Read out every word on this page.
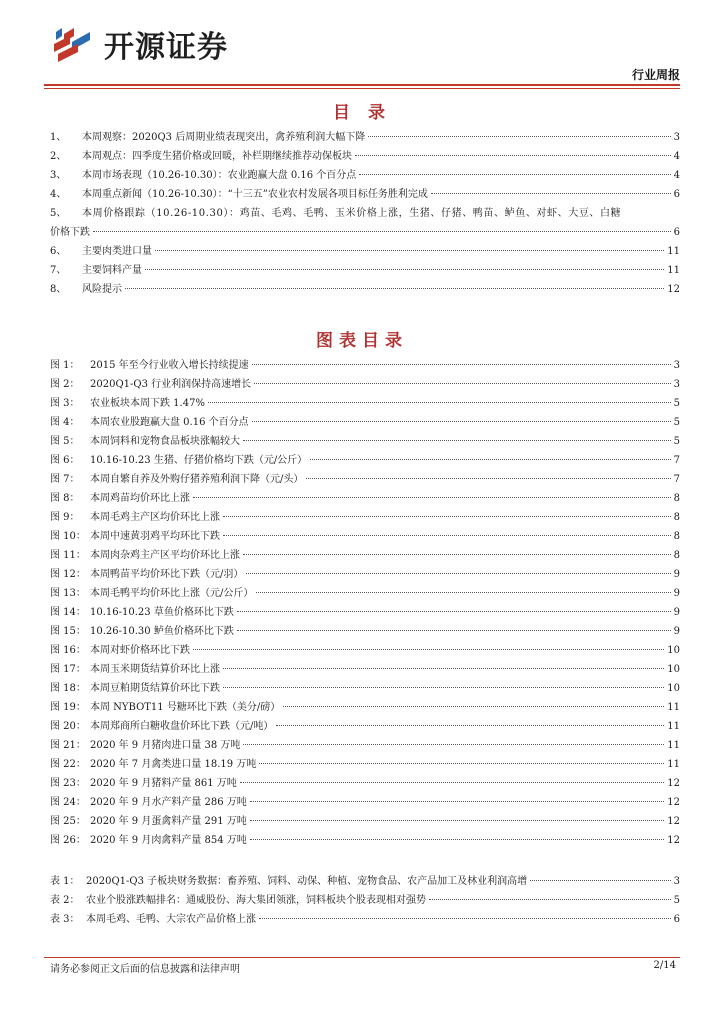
开源证券
行业周报
目 录
1、	本周观察：2020Q3 后周期业绩表现突出，禽养殖利润大幅下降	3
2、	本周观点：四季度生猪价格或回暖，补栏期继续推荐动保板块	4
3、	本周市场表现（10.26-10.30）：农业跑赢大盘 0.16 个百分点	4
4、	本周重点新闻（10.26-10.30）：“十三五”农业农村发展各项目标任务胜利完成	6
5、	本周价格跟踪（10.26-10.30）：鸡苗、毛鸡、毛鸭、玉米价格上涨，生猪、仔猪、鸭苗、鲈鱼、对虾、大豆、白糖
价格下跌	6
6、	主要肉类进口量	11
7、	主要饲料产量	11
8、	风险提示	12
图表目录
图 1：	2015 年至今行业收入增长持续提速	3
图 2：	2020Q1-Q3 行业利润保持高速增长	3
图 3：	农业板块本周下跌 1.47%	5
图 4：	本周农业股跑赢大盘 0.16 个百分点	5
图 5：	本周饲料和宠物食品板块涨幅较大	5
图 6：	10.16-10.23 生猪、仔猪价格均下跌（元/公斤）	7
图 7：	本周自繁自养及外购仔猪养殖利润下降（元/头）	7
图 8：	本周鸡苗均价环比上涨	8
图 9：	本周毛鸡主产区均价环比上涨	8
图 10： 本周中速黄羽鸡平均环比下跌	8
图 11： 本周肉杂鸡主产区平均价环比上涨	8
图 12： 本周鸭苗平均价环比下跌（元/羽）	9
图 13： 本周毛鸭平均价环比上涨（元/公斤）	9
图 14： 10.16-10.23 草鱼价格环比下跌	9
图 15： 10.26-10.30 鲈鱼价格环比下跌	9
图 16： 本周对虾价格环比下跌	10
图 17： 本周玉米期货结算价环比上涨	10
图 18： 本周豆粕期货结算价环比下跌	10
图 19： 本周 NYBOT11 号糖环比下跌（美分/磅）	11
图 20： 本周郑商所白糖收盘价环比下跌（元/吨）	11
图 21： 2020 年 9 月猪肉进口量 38 万吨	11
图 22： 2020 年 7 月禽类进口量 18.19 万吨	11
图 23： 2020 年 9 月猪料产量 861 万吨	12
图 24： 2020 年 9 月水产料产量 286 万吨	12
图 25： 2020 年 9 月蛋禽料产量 291 万吨	12
图 26： 2020 年 9 月肉禽料产量 854 万吨	12
表 1： 2020Q1-Q3 子板块财务数据：畜养殖、饲料、动保、种植、宠物食品、农产品加工及林业利润高增	3
表 2： 农业个股涨跌幅排名：通威股份、海大集团领涨，饲料板块个股表现相对强势	5
表 3： 本周毛鸡、毛鸭、大宗农产品价格上涨	6
请务必参阅正文后面的信息披露和法律声明	2/14
